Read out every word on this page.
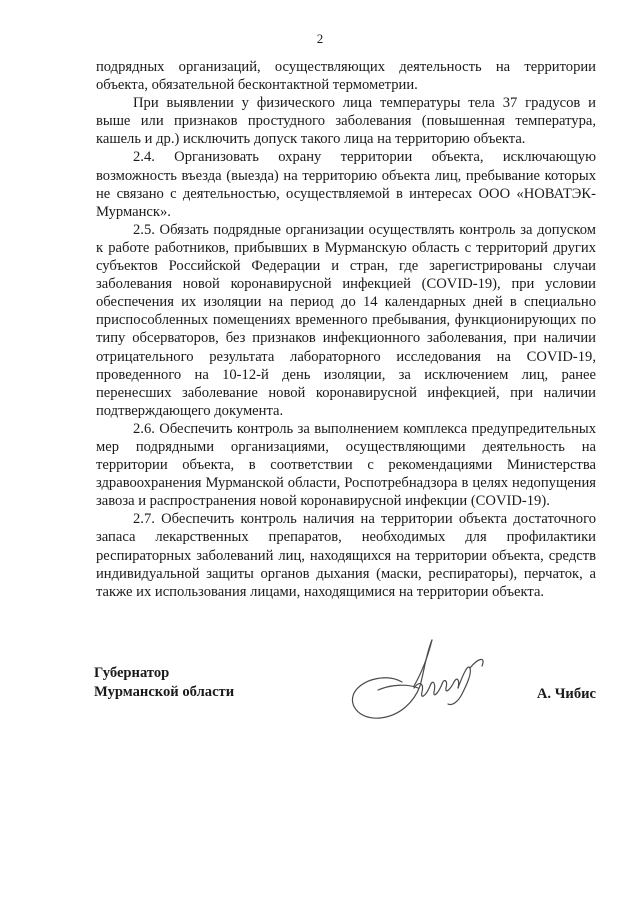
2

подрядных организаций, осуществляющих деятельность на территории объекта, обязательной бесконтактной термометрии.

При выявлении у физического лица температуры тела 37 градусов и выше или признаков простудного заболевания (повышенная температура, кашель и др.) исключить допуск такого лица на территорию объекта.

2.4. Организовать охрану территории объекта, исключающую возможность въезда (выезда) на территорию объекта лиц, пребывание которых не связано с деятельностью, осуществляемой в интересах ООО «НОВАТЭК-Мурманск».

2.5. Обязать подрядные организации осуществлять контроль за допуском к работе работников, прибывших в Мурманскую область с территорий других субъектов Российской Федерации и стран, где зарегистрированы случаи заболевания новой коронавирусной инфекцией (COVID-19), при условии обеспечения их изоляции на период до 14 календарных дней в специально приспособленных помещениях временного пребывания, функционирующих по типу обсерваторов, без признаков инфекционного заболевания, при наличии отрицательного результата лабораторного исследования на COVID-19, проведенного на 10-12-й день изоляции, за исключением лиц, ранее перенесших заболевание новой коронавирусной инфекцией, при наличии подтверждающего документа.

2.6. Обеспечить контроль за выполнением комплекса предупредительных мер подрядными организациями, осуществляющими деятельность на территории объекта, в соответствии с рекомендациями Министерства здравоохранения Мурманской области, Роспотребнадзора в целях недопущения завоза и распространения новой коронавирусной инфекции (COVID-19).

2.7. Обеспечить контроль наличия на территории объекта достаточного запаса лекарственных препаратов, необходимых для профилактики респираторных заболеваний лиц, находящихся на территории объекта, средств индивидуальной защиты органов дыхания (маски, респираторы), перчаток, а также их использования лицами, находящимися на территории объекта.

Губернатор
Мурманской области	А. Чибис
